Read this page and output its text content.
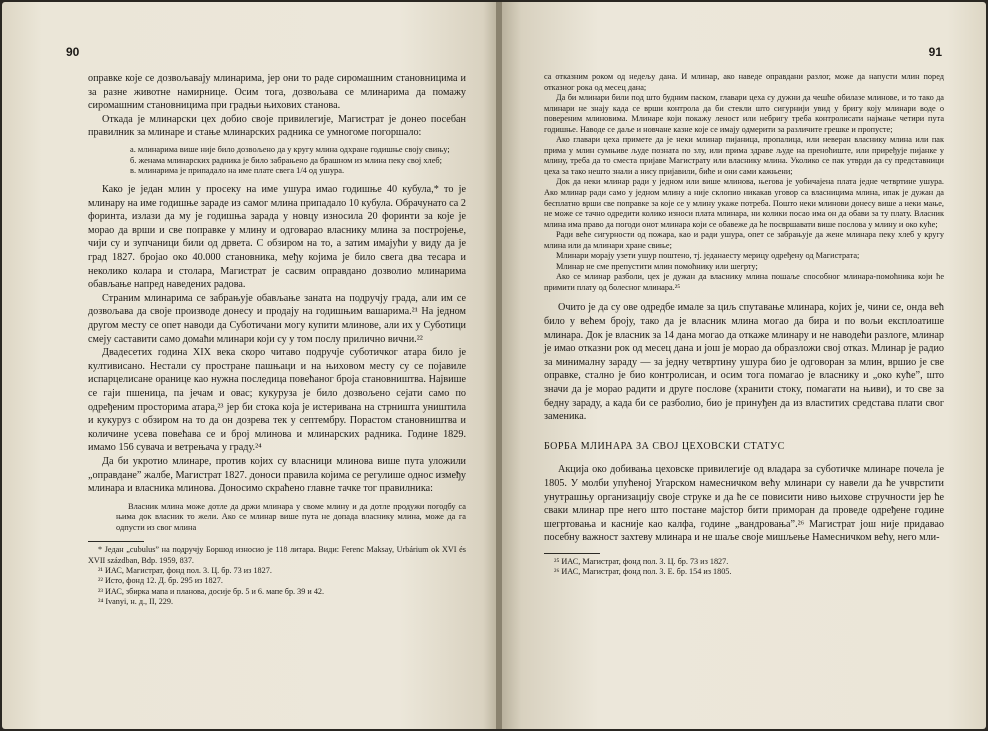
90

оправке које се дозвољавају млинарима, јер они то раде сиромашним становницима и за разне животне намирнице. Осим тога, дозвољава се млинарима да помажу сиромашним становницима при градњи њихових станова.

Откада је млинарски цех добио своје привилегије, Магистрат је донео посебан правилник за млинаре и стање млинарских радника се умногоме погоршало:

а. млинарима више није било дозвољено да у кругу млина одхране годишње своју свињу;
б. женама млинарских радника је било забрањено да брашном из млина пеку свој хлеб;
в. млинарима је припадало на име плате свега 1/4 од ушура.

Како је један млин у просеку на име ушура имао годишње 40 кубула,* то је млинару на име годишње зараде из самог млина припадало 10 кубула. Обрачунато са 2 форинта, излази да му је годишња зарада у новцу износила 20 форинти за које је морао да врши и све поправке у млину и одговарао власнику млина за постројење, чији су и зупчаници били од дрвета. С обзиром на то, а затим имајући у виду да је град 1827. бројао око 40.000 становника, међу којима је било свега два тесара и неколико колара и столара, Магистрат је сасвим оправдано дозволио млинарима обављање напред наведених радова.

Страним млинарима се забрањује обављање заната на подручју града, али им се дозвољава да своје производе донесу и продају на годишњим вашарима.²¹ На једном другом месту се опет наводи да Суботичани могу купити млинове, али их у Суботици смеју саставити само домаћи млинари који су у том послу прилично вични.²²

Двадесетих година XIX века скоро читаво подручје суботичког атара било је култивисано. Нестали су простране пашњаци и на њиховом месту су се појавиле испарцелисане оранице као нужна последица повећаног броја становништва. Највише се гаји пшеница, па јечам и овас; кукуруза је било дозвољено сејати само по одређеним просторима атара,²³ јер би стока која је истеривана на стрништа уништила и кукуруз с обзиром на то да он дозрева тек у септембру. Порастом становништва и количине усева повећава се и број млинова и млинарских радника. Године 1829. имамо 156 сувача и ветрењача у граду.²⁴

Да би укротио млинаре, против којих су власници млинова више пута уложили „оправдане” жалбе, Магистрат 1827. доноси правила којима се регулише однос између млинара и власника млинова. Доносимо скраћено главне тачке тог правилника:

Власник млина може дотле да држи млинара у своме млину и да дотле продужи погодбу са њима док власник то жели. Ако се млинар више пута не допада власнику млина, може да га одпусти из свог млина
* Један „cubulus” на подручју Боршод износио је 118 литара. Види: Ferenc Maksay, Urbárium ok XVI és XVII százdban, Bdp. 1959, 837.
²¹ ИАС, Магистрат, фонд пол. 3. Ц. бр. 73 из 1827.
²² Исто, фонд 12. Д. бр. 295 из 1827.
²³ ИАС, збирка мапа и планова, досије бр. 5 и 6. мапе бр. 39 и 42.
²⁴ Ivanyi, н. д., II, 229.
91
са отказним роком од недељу дана. И млинар, ако наведе оправдани разлог, може да напусти млин поред отказног рока од месец дана;
Да би млинари били под што будним паском, главари цеха су дужни да чешће обилазе млинове, и то тако да млинари не знају када се врши контрола да би стекли што сигурнији увид у бригу коју млинари воде о повереним млиновима. Млинаре који покажу леност или небригу треба контролисати најмање четири пута годишње. Наводе се даље и новчане казне које се имају одмерити за различите грешке и пропусте;
Ако главари цеха примете да је неки млинар пијаница, пропалица, или неверан власнику млина или пак прима у млин сумњиве људе позната по злу, или прима здраве људе на преноћиште, или приређује пијанке у млину, треба да то сместа пријаве Магистрату или власнику млина. Уколико се пак утврди да су представници цеха за тако нешто знали а нису пријавили, биће и они сами кажњени;
Док да неки млинар ради у једном или више млинова, његова је уобичајена плата једне четвртине ушура. Ако млинар ради само у једном млину а није склопио никакав уговор са власницима млина, ипак је дужан да бесплатно врши све поправке за које се у млину укаже потреба. Пошто неки млинови донесу више а неки мање, не може се тачно одредити колико износи плата млинара, ни колики посао има он да обави за ту плату. Власник млина има право да погоди онот млинара који се обавеже да ће посвршавати више послова у млину и око куће;
Ради веће сигурности од пожара, као и ради ушура, опет се забрањује да жене млинара пеку хлеб у кругу млина или да млинари хране свиње;
Млинари морају узети ушур поштено, тј. једанаесту мерицу одређену од Магистрата;
Млинар не сме препустити млин помоћнику или шегрту;
Ако се млинар разболи, цех је дужан да власнику млина пошаље способног млинара-помоћника који ће примити плату од болесног млинара.²⁵

Очито је да су ове одредбе имале за циљ спутавање млинара, којих је, чини се, онда већ било у већем броју, тако да је власник млина могао да бира и по вољи експлоатише млинара. Док је власник за 14 дана могао да откаже млинару и не наводећи разлоге, млинар је имао отказни рок од месец дана и још је морао да образложи свој отказ. Млинар је радио за минималну зараду — за једну четвртину ушура био је одговоран за млин, вршио је све оправке, стално је био контролисан, и осим тога помагао је власнику и „око куће”, што значи да је морао радити и друге послове (хранити стоку, помагати на њиви), и то све за бедну зараду, а када би се разболио, био је принуђен да из властитих средстава плати свог заменика.

БОРБА МЛИНАРА ЗА СВОЈ ЦЕХОВСКИ СТАТУС

Акција око добивања цеховске привилегије од владара за суботичке млинаре почела је 1805. У молби упућеној Угарском намесничком већу млинари су навели да ће учврстити унутрашњу организацију своје струке и да ће се повисити ниво њихове стручности јер ће сваки млинар пре него што постане мајстор бити приморан да проведе одређене године шегртовања и касније као калфа, године „вандровања”.²⁶ Магистрат још није придавао посебну важност захтеву млинара и не шаље своје мишљење Намесничком већу, него мли-

²⁵ ИАС, Магистрат, фонд пол. 3. Ц. бр. 73 из 1827.
²⁶ ИАС, Магистрат, фонд пол. 3. Е. бр. 154 из 1805.
